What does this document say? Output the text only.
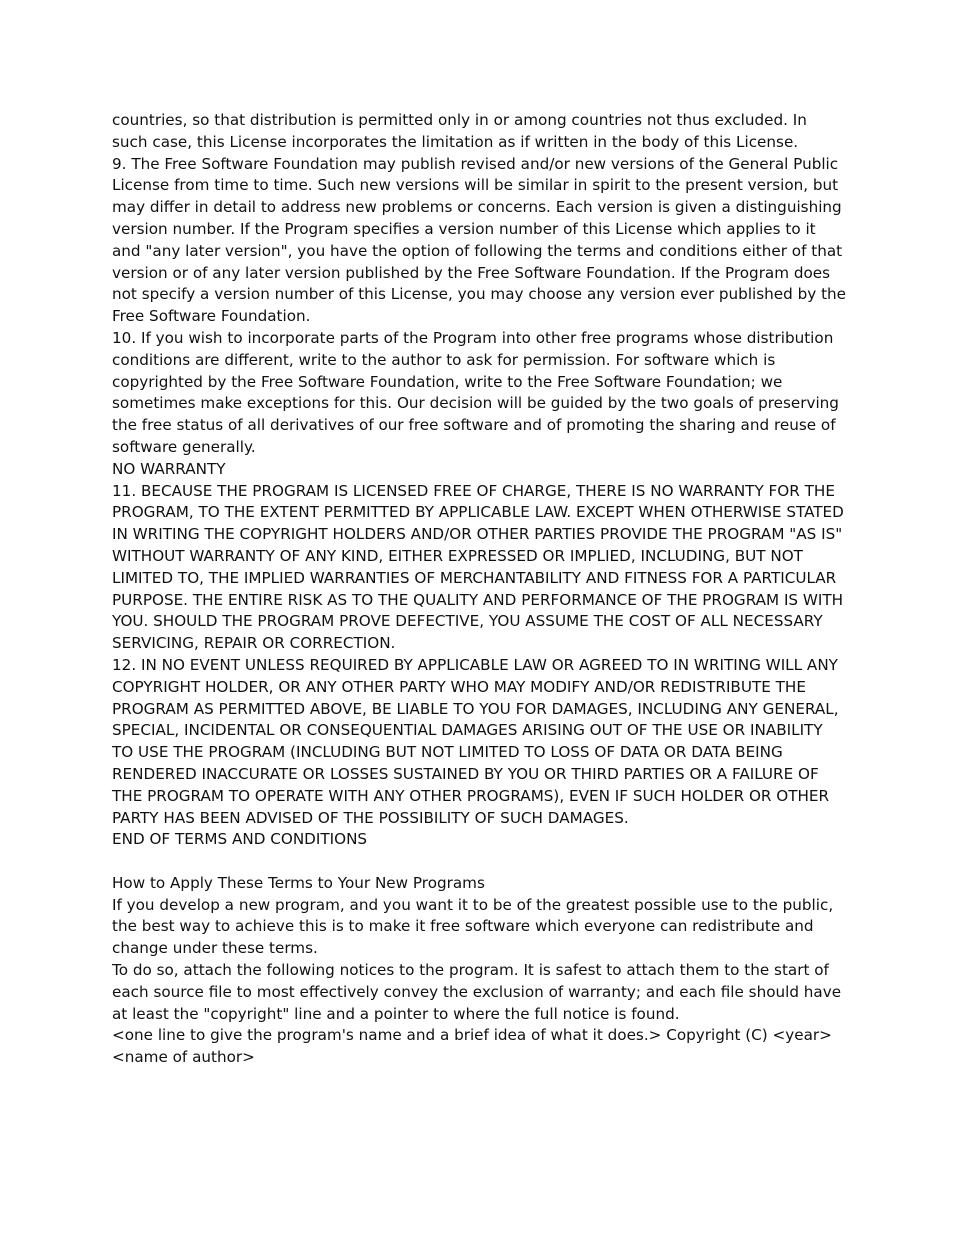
countries, so that distribution is permitted only in or among countries not thus excluded. In such case, this License incorporates the limitation as if written in the body of this License.

9. The Free Software Foundation may publish revised and/or new versions of the General Public License from time to time. Such new versions will be similar in spirit to the present version, but may differ in detail to address new problems or concerns. Each version is given a distinguishing version number. If the Program specifies a version number of this License which applies to it and "any later version", you have the option of following the terms and conditions either of that version or of any later version published by the Free Software Foundation. If the Program does not specify a version number of this License, you may choose any version ever published by the Free Software Foundation.

10. If you wish to incorporate parts of the Program into other free programs whose distribution conditions are different, write to the author to ask for permission. For software which is copyrighted by the Free Software Foundation, write to the Free Software Foundation; we sometimes make exceptions for this. Our decision will be guided by the two goals of preserving the free status of all derivatives of our free software and of promoting the sharing and reuse of software generally.

NO WARRANTY

11. BECAUSE THE PROGRAM IS LICENSED FREE OF CHARGE, THERE IS NO WARRANTY FOR THE PROGRAM, TO THE EXTENT PERMITTED BY APPLICABLE LAW. EXCEPT WHEN OTHERWISE STATED IN WRITING THE COPYRIGHT HOLDERS AND/OR OTHER PARTIES PROVIDE THE PROGRAM "AS IS" WITHOUT WARRANTY OF ANY KIND, EITHER EXPRESSED OR IMPLIED, INCLUDING, BUT NOT LIMITED TO, THE IMPLIED WARRANTIES OF MERCHANTABILITY AND FITNESS FOR A PARTICULAR PURPOSE. THE ENTIRE RISK AS TO THE QUALITY AND PERFORMANCE OF THE PROGRAM IS WITH YOU. SHOULD THE PROGRAM PROVE DEFECTIVE, YOU ASSUME THE COST OF ALL NECESSARY SERVICING, REPAIR OR CORRECTION.

12. IN NO EVENT UNLESS REQUIRED BY APPLICABLE LAW OR AGREED TO IN WRITING WILL ANY COPYRIGHT HOLDER, OR ANY OTHER PARTY WHO MAY MODIFY AND/OR REDISTRIBUTE THE PROGRAM AS PERMITTED ABOVE, BE LIABLE TO YOU FOR DAMAGES, INCLUDING ANY GENERAL, SPECIAL, INCIDENTAL OR CONSEQUENTIAL DAMAGES ARISING OUT OF THE USE OR INABILITY TO USE THE PROGRAM (INCLUDING BUT NOT LIMITED TO LOSS OF DATA OR DATA BEING RENDERED INACCURATE OR LOSSES SUSTAINED BY YOU OR THIRD PARTIES OR A FAILURE OF THE PROGRAM TO OPERATE WITH ANY OTHER PROGRAMS), EVEN IF SUCH HOLDER OR OTHER PARTY HAS BEEN ADVISED OF THE POSSIBILITY OF SUCH DAMAGES.

END OF TERMS AND CONDITIONS

How to Apply These Terms to Your New Programs

If you develop a new program, and you want it to be of the greatest possible use to the public, the best way to achieve this is to make it free software which everyone can redistribute and change under these terms.

To do so, attach the following notices to the program. It is safest to attach them to the start of each source file to most effectively convey the exclusion of warranty; and each file should have at least the "copyright" line and a pointer to where the full notice is found.

<one line to give the program's name and a brief idea of what it does.> Copyright (C) <year> <name of author>
